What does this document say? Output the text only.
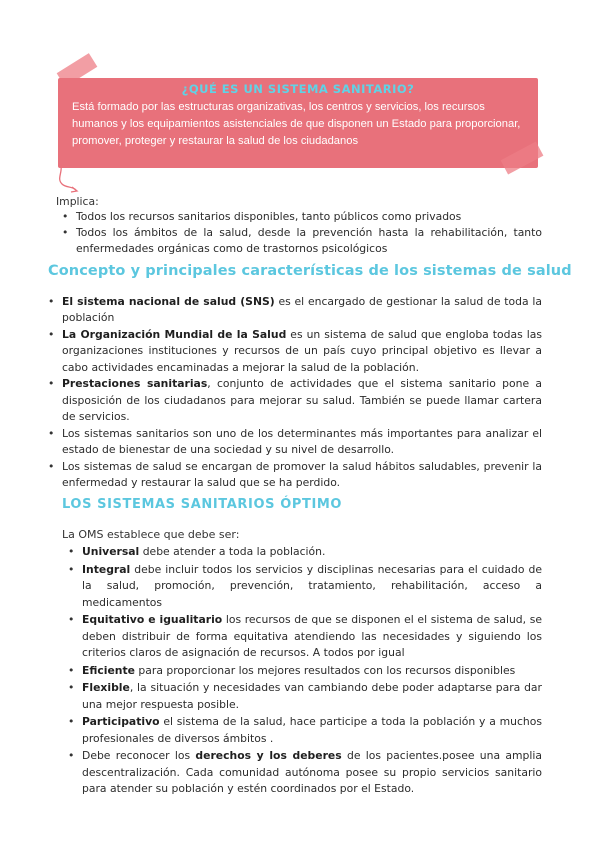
¿QUÉ ES UN SISTEMA SANITARIO?
Está formado por las estructuras organizativas, los centros y servicios, los recursos humanos y los equipamientos asistenciales de que disponen un Estado para proporcionar, promover, proteger y restaurar la salud de los ciudadanos
Implica:
• Todos los recursos sanitarios disponibles, tanto públicos como privados
• Todos los ámbitos de la salud, desde la prevención hasta la rehabilitación, tanto enfermedades orgánicas como de trastornos psicológicos
Concepto y principales características de los sistemas de salud
• El sistema nacional de salud (SNS) es el encargado de gestionar la salud de toda la población
• La Organización Mundial de la Salud es un sistema de salud que engloba todas las organizaciones instituciones y recursos de un país cuyo principal objetivo es llevar a cabo actividades encaminadas a mejorar la salud de la población.
• Prestaciones sanitarias, conjunto de actividades que el sistema sanitario pone a disposición de los ciudadanos para mejorar su salud. También se puede llamar cartera de servicios.
• Los sistemas sanitarios son uno de los determinantes más importantes para analizar el estado de bienestar de una sociedad y su nivel de desarrollo.
• Los sistemas de salud se encargan de promover la salud hábitos saludables, prevenir la enfermedad y restaurar la salud que se ha perdido.
LOS SISTEMAS SANITARIOS ÓPTIMO
La OMS establece que debe ser:
• Universal debe atender a toda la población.
• Integral debe incluir todos los servicios y disciplinas necesarias para el cuidado de la salud, promoción, prevención, tratamiento, rehabilitación, acceso a medicamentos
• Equitativo e igualitario los recursos de que se disponen el el sistema de salud, se deben distribuir de forma equitativa atendiendo las necesidades y siguiendo los criterios claros de asignación de recursos. A todos por igual
• Eficiente para proporcionar los mejores resultados con los recursos disponibles
• Flexible, la situación y necesidades van cambiando debe poder adaptarse para dar una mejor respuesta posible.
• Participativo el sistema de la salud, hace participe a toda la población y a muchos profesionales de diversos ámbitos .
• Debe reconocer los derechos y los deberes de los pacientes.posee una amplia descentralización. Cada comunidad autónoma posee su propio servicios sanitario para atender su población y estén coordinados por el Estado.
